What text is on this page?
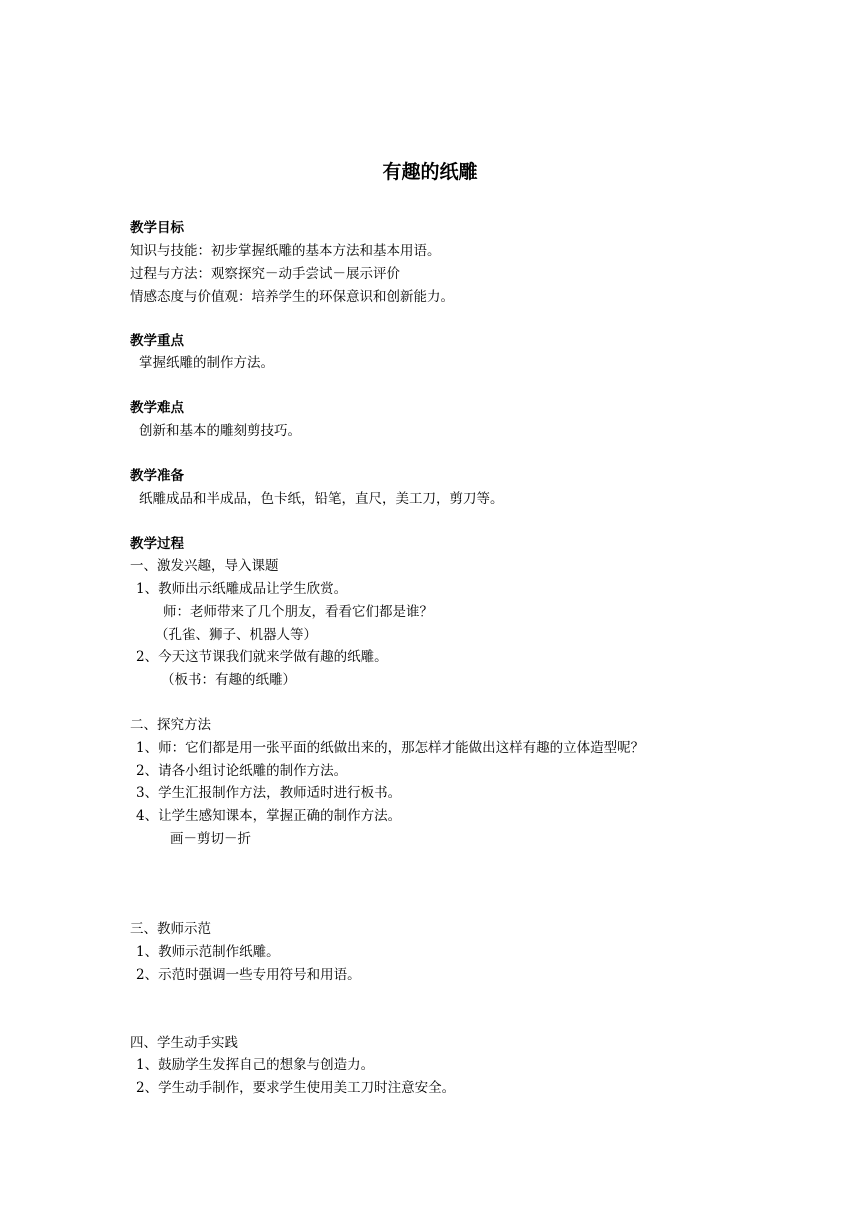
有趣的纸雕
教学目标
知识与技能：初步掌握纸雕的基本方法和基本用语。
过程与方法：观察探究－动手尝试－展示评价
情感态度与价值观：培养学生的环保意识和创新能力。
教学重点
掌握纸雕的制作方法。
教学难点
创新和基本的雕刻剪技巧。
教学准备
纸雕成品和半成品，色卡纸，铅笔，直尺，美工刀，剪刀等。
教学过程
一、激发兴趣，导入课题
1、教师出示纸雕成品让学生欣赏。
师：老师带来了几个朋友，看看它们都是谁？
（孔雀、狮子、机器人等）
2、今天这节课我们就来学做有趣的纸雕。
（板书：有趣的纸雕）
二、探究方法
1、师：它们都是用一张平面的纸做出来的，那怎样才能做出这样有趣的立体造型呢？
2、请各小组讨论纸雕的制作方法。
3、学生汇报制作方法，教师适时进行板书。
4、让学生感知课本，掌握正确的制作方法。
画－剪切－折
三、教师示范
1、教师示范制作纸雕。
2、示范时强调一些专用符号和用语。
四、学生动手实践
1、鼓励学生发挥自己的想象与创造力。
2、学生动手制作，要求学生使用美工刀时注意安全。
